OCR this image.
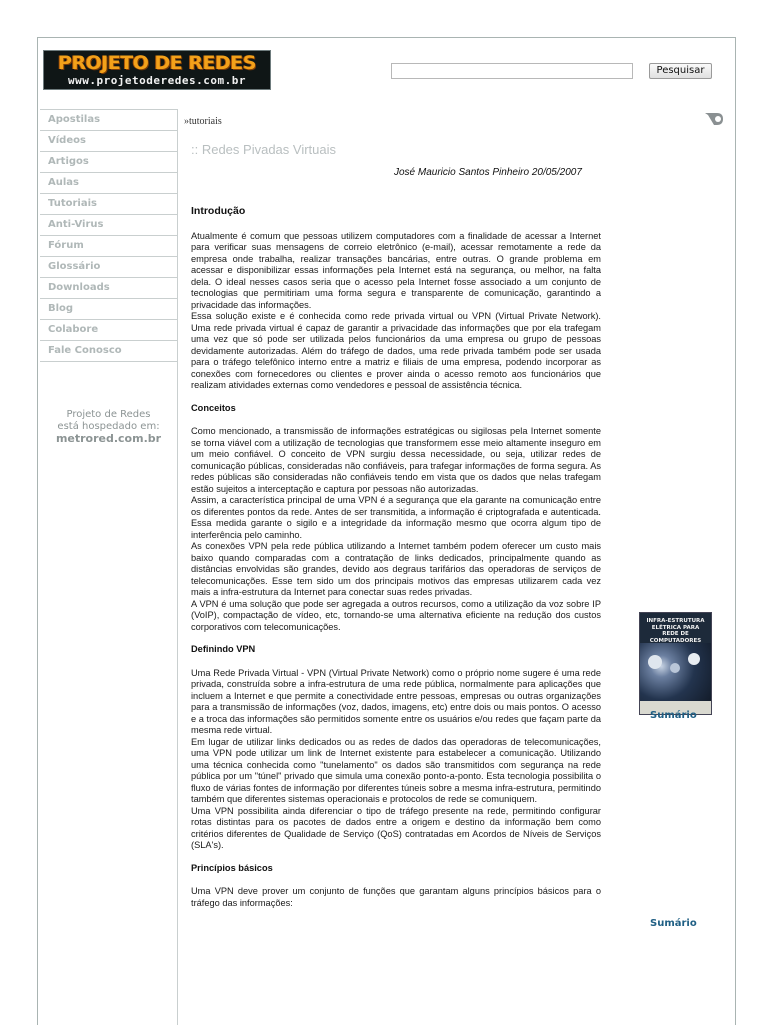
PROJETO DE REDES
www.projetoderedes.com.br
Pesquisar
Apostilas
Vídeos
Artigos
Aulas
Tutoriais
Anti-Virus
Fórum
Glossário
Downloads
Blog
Colabore
Fale Conosco
Projeto de Redes
está hospedado em:
metrored.com.br
»tutoriais
:: Redes Pivadas Virtuais
José Mauricio Santos Pinheiro 20/05/2007
Introdução

Atualmente é comum que pessoas utilizem computadores com a finalidade de acessar a Internet para verificar suas mensagens de correio eletrônico (e-mail), acessar remotamente a rede da empresa onde trabalha, realizar transações bancárias, entre outras. O grande problema em acessar e disponibilizar essas informações pela Internet está na segurança, ou melhor, na falta dela. O ideal nesses casos seria que o acesso pela Internet fosse associado a um conjunto de tecnologias que permitiriam uma forma segura e transparente de comunicação, garantindo a privacidade das informações.

Essa solução existe e é conhecida como rede privada virtual ou VPN (Virtual Private Network). Uma rede privada virtual é capaz de garantir a privacidade das informações que por ela trafegam uma vez que só pode ser utilizada pelos funcionários da uma empresa ou grupo de pessoas devidamente autorizadas. Além do tráfego de dados, uma rede privada também pode ser usada para o tráfego telefônico interno entre a matriz e filiais de uma empresa, podendo incorporar as conexões com fornecedores ou clientes e prover ainda o acesso remoto aos funcionários que realizam atividades externas como vendedores e pessoal de assistência técnica.

Conceitos

Como mencionado, a transmissão de informações estratégicas ou sigilosas pela Internet somente se torna viável com a utilização de tecnologias que transformem esse meio altamente inseguro em um meio confiável. O conceito de VPN surgiu dessa necessidade, ou seja, utilizar redes de comunicação públicas, consideradas não confiáveis, para trafegar informações de forma segura. As redes públicas são consideradas não confiáveis tendo em vista que os dados que nelas trafegam estão sujeitos a interceptação e captura por pessoas não autorizadas.

Assim, a característica principal de uma VPN é a segurança que ela garante na comunicação entre os diferentes pontos da rede. Antes de ser transmitida, a informação é criptografada e autenticada. Essa medida garante o sigilo e a integridade da informação mesmo que ocorra algum tipo de interferência pelo caminho.

As conexões VPN pela rede pública utilizando a Internet também podem oferecer um custo mais baixo quando comparadas com a contratação de links dedicados, principalmente quando as distâncias envolvidas são grandes, devido aos degraus tarifários das operadoras de serviços de telecomunicações. Esse tem sido um dos principais motivos das empresas utilizarem cada vez mais a infra-estrutura da Internet para conectar suas redes privadas.

A VPN é uma solução que pode ser agregada a outros recursos, como a utilização da voz sobre IP (VoIP), compactação de vídeo, etc, tornando-se uma alternativa eficiente na redução dos custos corporativos com telecomunicações.

Definindo VPN

Uma Rede Privada Virtual - VPN (Virtual Private Network) como o próprio nome sugere é uma rede privada, construída sobre a infra-estrutura de uma rede pública, normalmente para aplicações que incluem a Internet e que permite a conectividade entre pessoas, empresas ou outras organizações para a transmissão de informações (voz, dados, imagens, etc) entre dois ou mais pontos. O acesso e a troca das informações são permitidos somente entre os usuários e/ou redes que façam parte da mesma rede virtual.

Em lugar de utilizar links dedicados ou as redes de dados das operadoras de telecomunicações, uma VPN pode utilizar um link de Internet existente para estabelecer a comunicação. Utilizando uma técnica conhecida como "tunelamento" os dados são transmitidos com segurança na rede pública por um "túnel" privado que simula uma conexão ponto-a-ponto. Esta tecnologia possibilita o fluxo de várias fontes de informação por diferentes túneis sobre a mesma infra-estrutura, permitindo também que diferentes sistemas operacionais e protocolos de rede se comuniquem.

Uma VPN possibilita ainda diferenciar o tipo de tráfego presente na rede, permitindo configurar rotas distintas para os pacotes de dados entre a origem e destino da informação bem como critérios diferentes de Qualidade de Serviço (QoS) contratadas em Acordos de Níveis de Serviços (SLA's).

Princípios básicos

Uma VPN deve prover um conjunto de funções que garantam alguns princípios básicos para o tráfego das informações:

INFRA-ESTRUTURA ELÉTRICA PARA REDE DE COMPUTADORES
Sumário
Sumário
